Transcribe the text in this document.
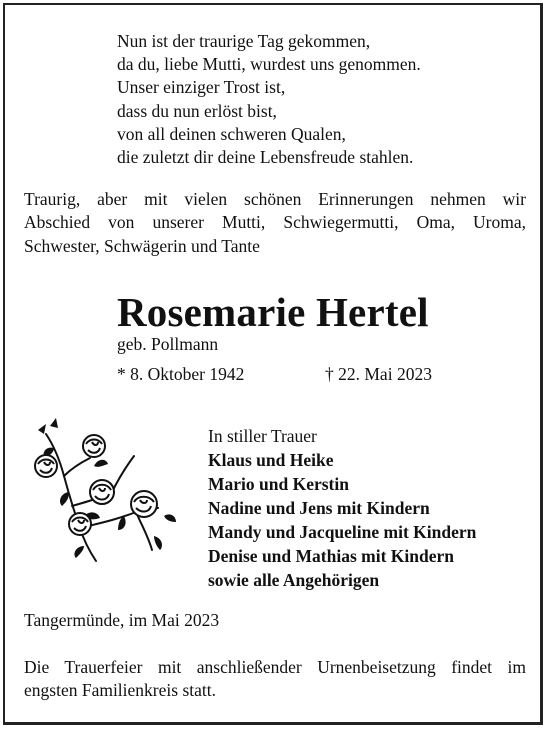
Nun ist der traurige Tag gekommen,
da du, liebe Mutti, wurdest uns genommen.
Unser einziger Trost ist,
dass du nun erlöst bist,
von all deinen schweren Qualen,
die zuletzt dir deine Lebensfreude stahlen.
Traurig, aber mit vielen schönen Erinnerungen nehmen wir
Abschied von unserer Mutti, Schwiegermutti, Oma, Uroma,
Schwester, Schwägerin und Tante
Rosemarie Hertel
geb. Pollmann
* 8. Oktober 1942	† 22. Mai 2023
In stiller Trauer
Klaus und Heike
Mario und Kerstin
Nadine und Jens mit Kindern
Mandy und Jacqueline mit Kindern
Denise und Mathias mit Kindern
sowie alle Angehörigen
Tangermünde, im Mai 2023
Die Trauerfeier mit anschließender Urnenbeisetzung findet im
engsten Familienkreis statt.
